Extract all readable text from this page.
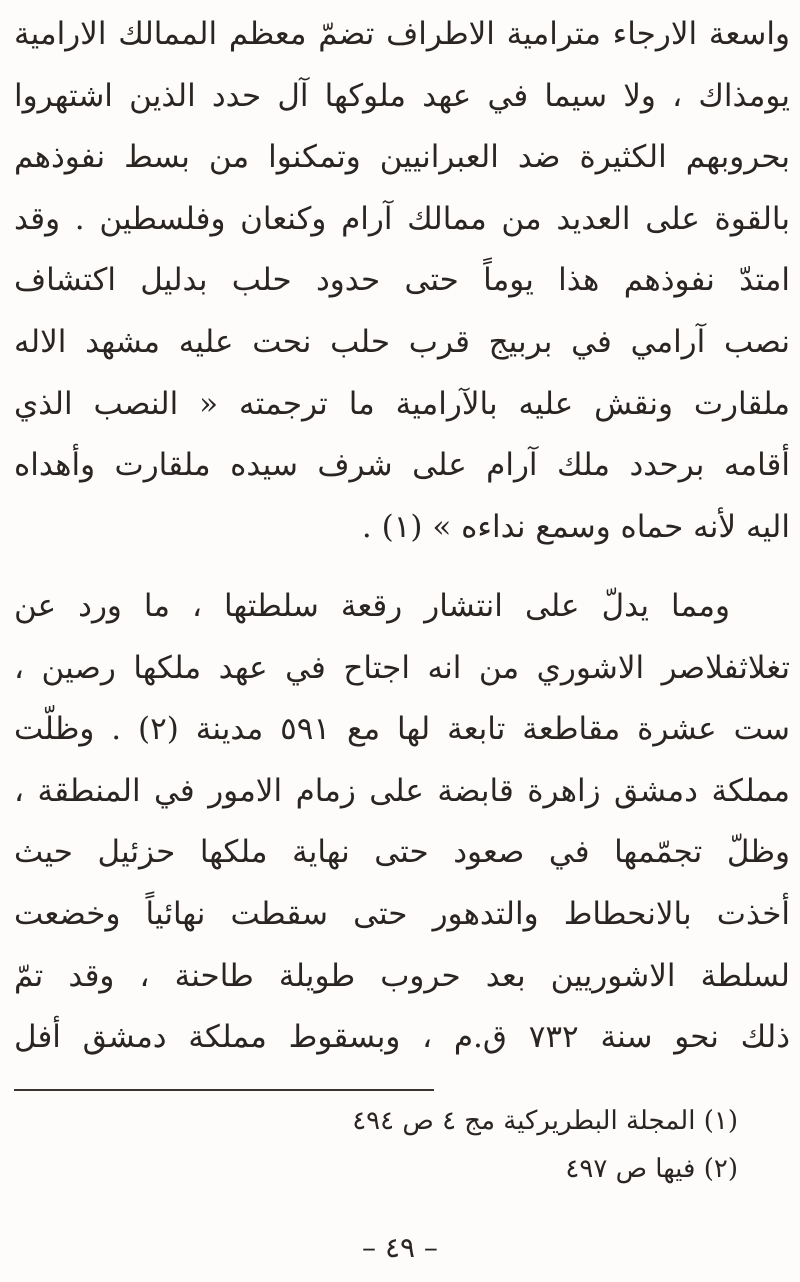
واسعة الارجاء مترامية الاطراف تضمّ معظم الممالك الارامية
يومذاك ، ولا سيما في عهد ملوكها آل حدد الذين اشتهروا
بحروبهم الكثيرة ضد العبرانيين وتمكنوا من بسط نفوذهم
بالقوة على العديد من ممالك آرام وكنعان وفلسطين . وقد
امتدّ نفوذهم هذا يوماً حتى حدود حلب بدليل اكتشاف
نصب آرامي في بربيج قرب حلب نحت عليه مشهد الاله
ملقارت ونقش عليه بالآرامية ما ترجمته « النصب الذي
أقامه برحدد ملك آرام على شرف سيده ملقارت وأهداه
اليه لأنه حماه وسمع نداءه » (١) .
ومما يدلّ على انتشار رقعة سلطتها ، ما ورد عن
تغلاثفلاصر الاشوري من انه اجتاح في عهد ملكها رصين ،
ست عشرة مقاطعة تابعة لها مع ٥٩١ مدينة (٢) . وظلّت
مملكة دمشق زاهرة قابضة على زمام الامور في المنطقة ،
وظلّ تجمّمها في صعود حتى نهاية ملكها حزئيل حيث
أخذت بالانحطاط والتدهور حتى سقطت نهائياً وخضعت
لسلطة الاشوريين بعد حروب طويلة طاحنة ، وقد تمّ
ذلك نحو سنة ٧٣٢ ق.م ، وبسقوط مملكة دمشق أفل
(١) المجلة البطريركية مج ٤ ص ٤٩٤
(٢) فيها ص ٤٩٧
– ٤٩ –
